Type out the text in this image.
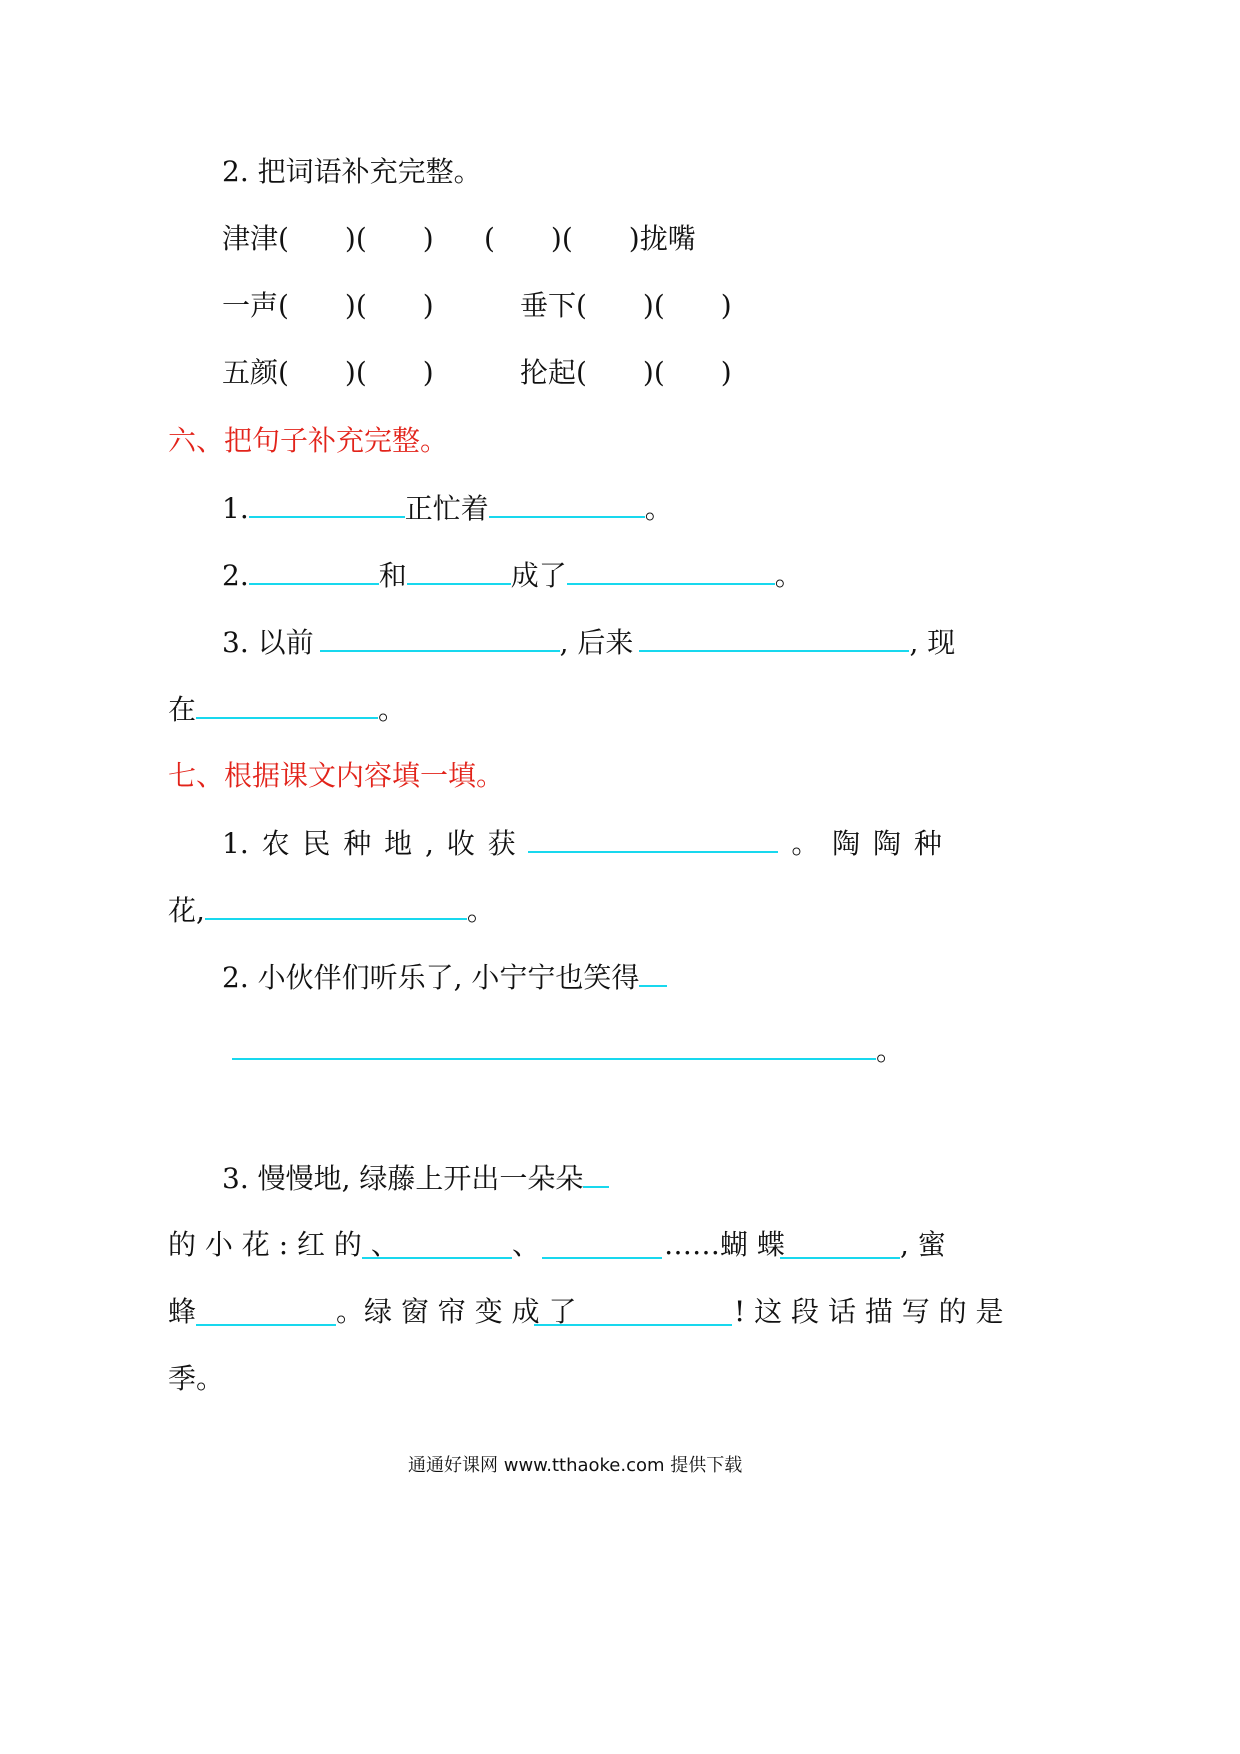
2. 把词语补充完整。
津津(　　)(　　) (　　)(　　)拢嘴
一声(　　)(　　)	垂下(　　)(　　)
五颜(　　)(　　)	抡起(　　)(　　)
六、把句子补充完整。
1.	正忙着	。
2.	和	成了	。
3. 以前	, 后来	, 现
在	。
七、根据课文内容填一填。
1. 农 民 种 地 , 收 获	。 陶 陶 种
花,	。
2. 小伙伴们听乐了, 小宁宁也笑得
。
3. 慢慢地, 绿藤上开出一朵朵
的 小 花 : 红 的 、	、	……蝴 蝶	, 蜜
蜂	。绿 窗 帘 变 成 了	! 这 段 话 描 写 的 是
季。
通通好课网 www.tthaoke.com 提供下载
